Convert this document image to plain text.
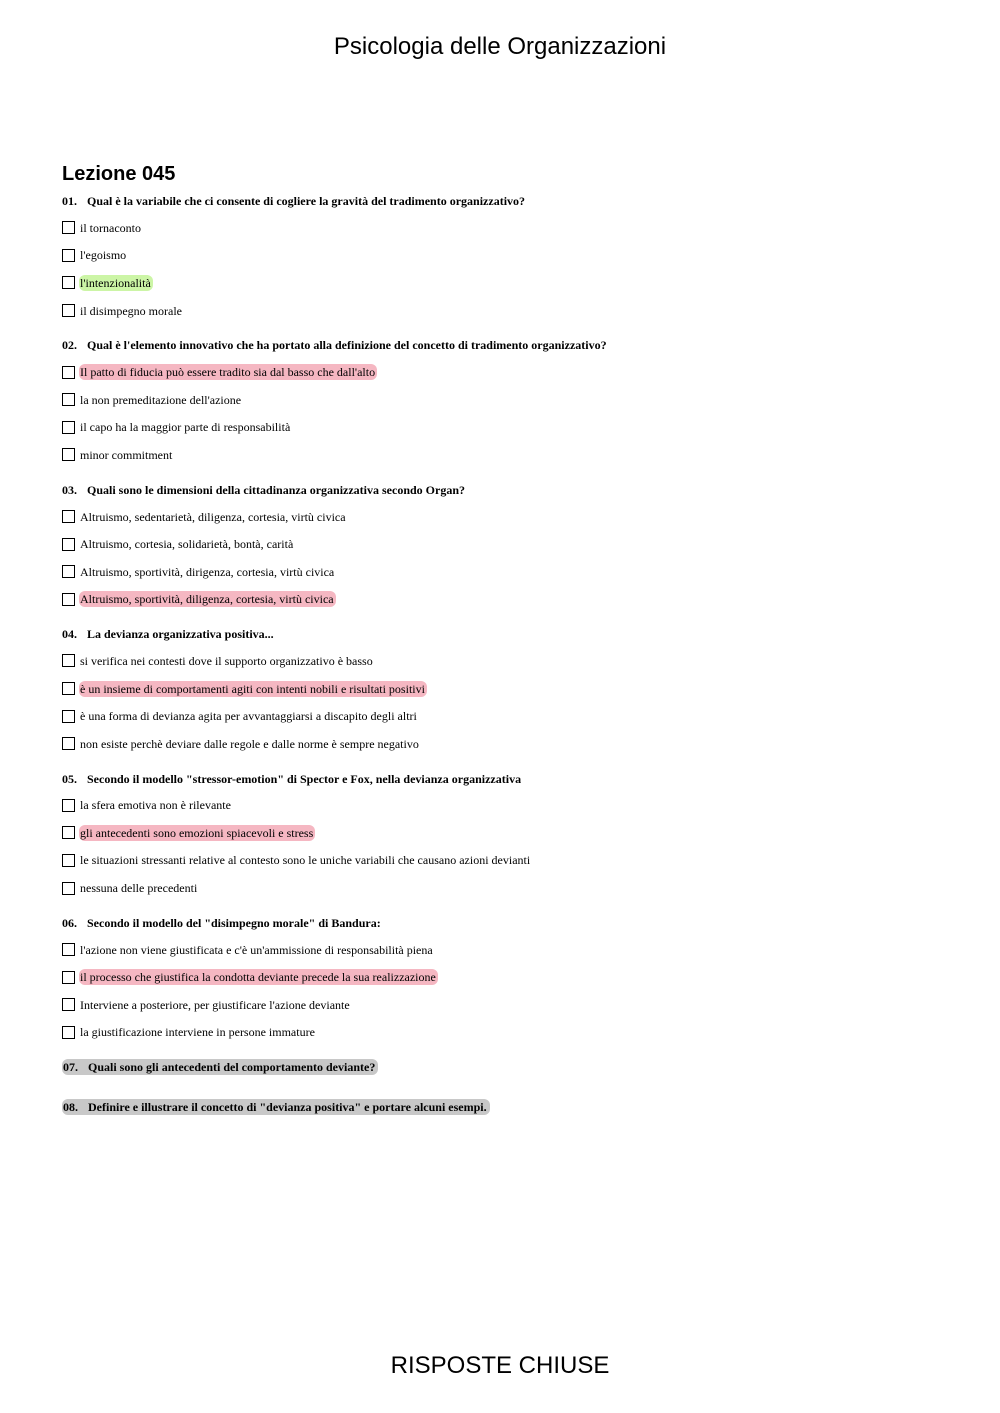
Psicologia delle Organizzazioni
Lezione 045
01. Qual è la variabile che ci consente di cogliere la gravità del tradimento organizzativo?
il tornaconto
l'egoismo
l'intenzionalità
il disimpegno morale
02. Qual è l'elemento innovativo che ha portato alla definizione del concetto di tradimento organizzativo?
Il patto di fiducia può essere tradito sia dal basso che dall'alto
la non premeditazione dell'azione
il capo ha la maggior parte di responsabilità
minor commitment
03. Quali sono le dimensioni della cittadinanza organizzativa secondo Organ?
Altruismo, sedentarietà, diligenza, cortesia, virtù civica
Altruismo, cortesia, solidarietà, bontà, carità
Altruismo, sportività, dirigenza, cortesia, virtù civica
Altruismo, sportività, diligenza, cortesia, virtù civica
04. La devianza organizzativa positiva...
si verifica nei contesti dove il supporto organizzativo è basso
è un insieme di comportamenti agiti con intenti nobili e risultati positivi
è una forma di devianza agita per avvantaggiarsi a discapito degli altri
non esiste perchè deviare dalle regole e dalle norme è sempre negativo
05. Secondo il modello "stressor-emotion" di Spector e Fox, nella devianza organizzativa
la sfera emotiva non è rilevante
gli antecedenti sono emozioni spiacevoli e stress
le situazioni stressanti relative al contesto sono le uniche variabili che causano azioni devianti
nessuna delle precedenti
06. Secondo il modello del "disimpegno morale" di Bandura:
l'azione non viene giustificata e c'è un'ammissione di responsabilità piena
il processo che giustifica la condotta deviante precede la sua realizzazione
Interviene a posteriore, per giustificare l'azione deviante
la giustificazione interviene in persone immature
07. Quali sono gli antecedenti del comportamento deviante?
08. Definire e illustrare il concetto di "devianza positiva" e portare alcuni esempi.
RISPOSTE CHIUSE
